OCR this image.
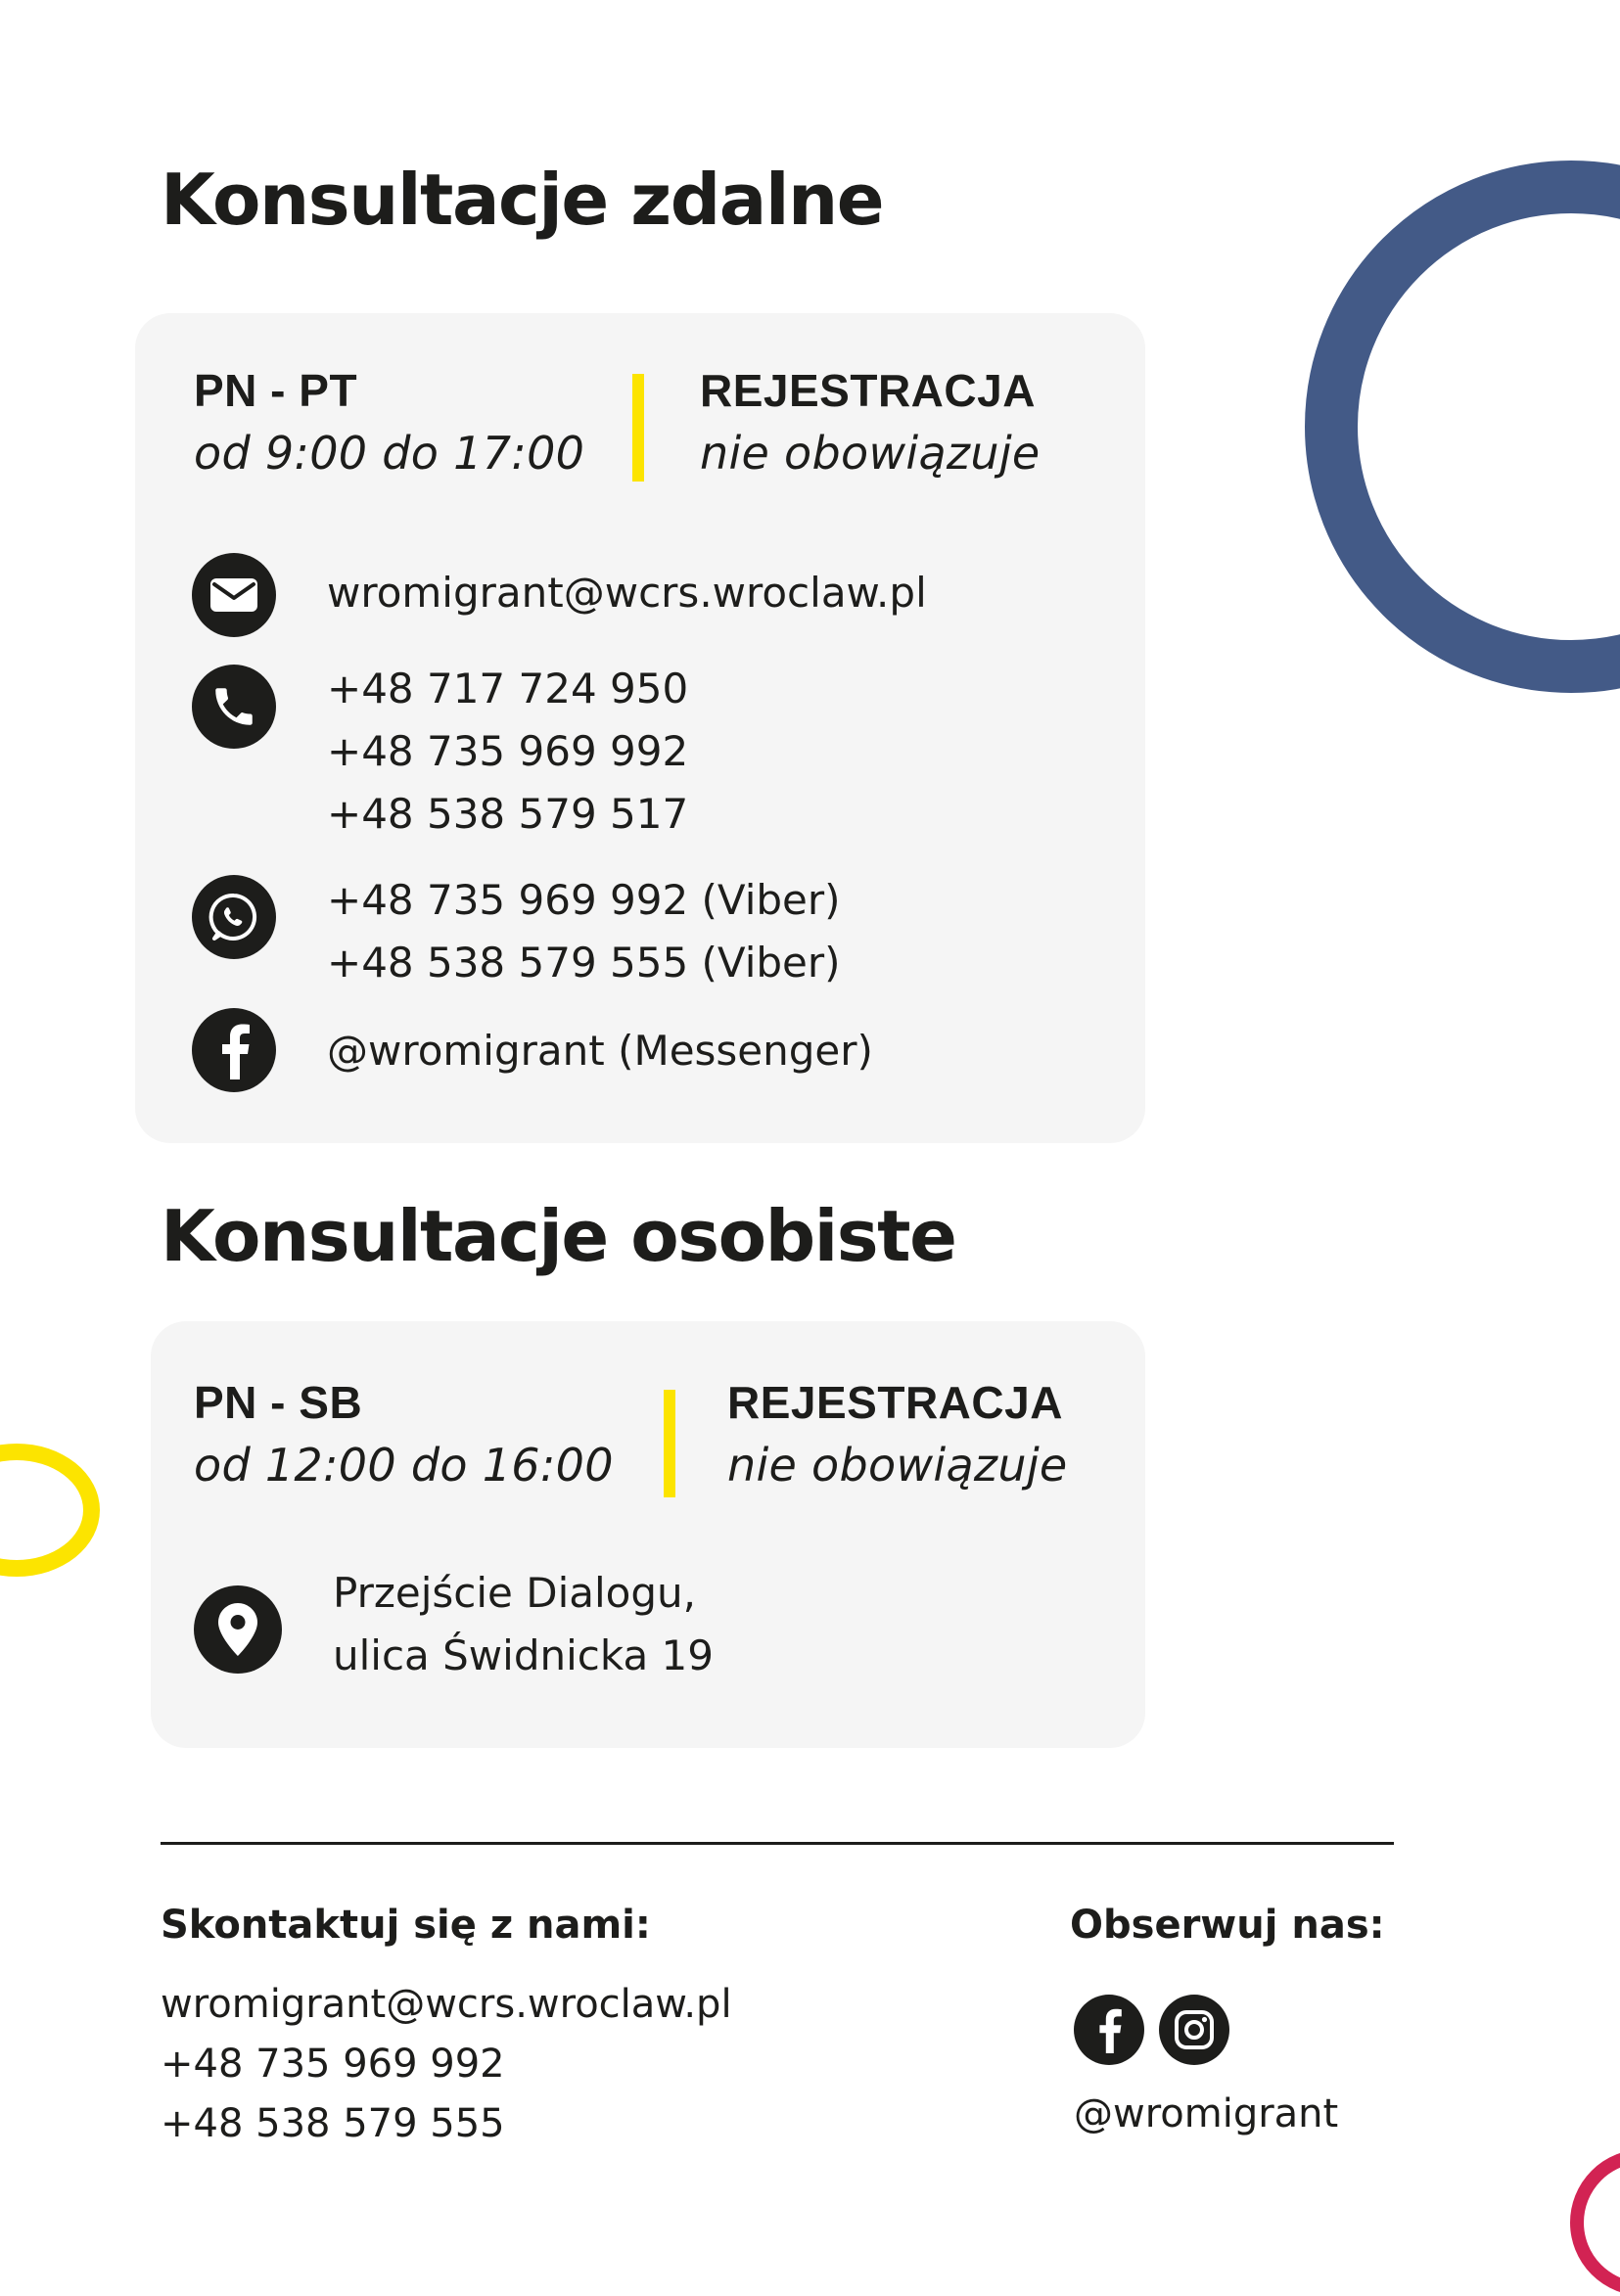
Konsultacje zdalne
PN - PT
od 9:00 do 17:00
REJESTRACJA
nie obowiązuje
wromigrant@wcrs.wroclaw.pl
+48 717 724 950
+48 735 969 992
+48 538 579 517
+48 735 969 992 (Viber)
+48 538 579 555 (Viber)
@wromigrant (Messenger)
Konsultacje osobiste
PN - SB
od 12:00 do 16:00
REJESTRACJA
nie obowiązuje
Przejście Dialogu,
ulica Świdnicka 19
Skontaktuj się z nami:
wromigrant@wcrs.wroclaw.pl
+48 735 969 992
+48 538 579 555
Obserwuj nas:
@wromigrant
